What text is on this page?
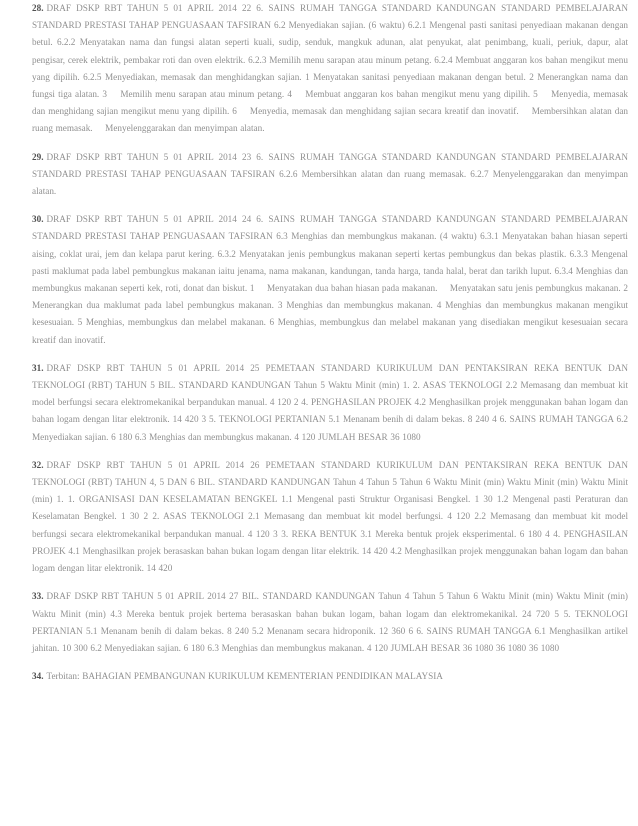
28. DRAF DSKP RBT TAHUN 5 01 APRIL 2014 22 6. SAINS RUMAH TANGGA STANDARD KANDUNGAN STANDARD PEMBELAJARAN STANDARD PRESTASI TAHAP PENGUASAAN TAFSIRAN 6.2 Menyediakan sajian. (6 waktu) 6.2.1 Mengenal pasti sanitasi penyediaan makanan dengan betul. 6.2.2 Menyatakan nama dan fungsi alatan seperti kuali, sudip, senduk, mangkuk adunan, alat penyukat, alat penimbang, kuali, periuk, dapur, alat pengisar, cerek elektrik, pembakar roti dan oven elektrik. 6.2.3 Memilih menu sarapan atau minum petang. 6.2.4 Membuat anggaran kos bahan mengikut menu yang dipilih. 6.2.5 Menyediakan, memasak dan menghidangkan sajian. 1 Menyatakan sanitasi penyediaan makanan dengan betul. 2 Menerangkan nama dan fungsi tiga alatan. 3 Memilih menu sarapan atau minum petang. 4 Membuat anggaran kos bahan mengikut menu yang dipilih. 5 Menyedia, memasak dan menghidang sajian mengikut menu yang dipilih. 6 Menyedia, memasak dan menghidang sajian secara kreatif dan inovatif. Membersihkan alatan dan ruang memasak. Menyelenggarakan dan menyimpan alatan.

29. DRAF DSKP RBT TAHUN 5 01 APRIL 2014 23 6. SAINS RUMAH TANGGA STANDARD KANDUNGAN STANDARD PEMBELAJARAN STANDARD PRESTASI TAHAP PENGUASAAN TAFSIRAN 6.2.6 Membersihkan alatan dan ruang memasak. 6.2.7 Menyelenggarakan dan menyimpan alatan.

30. DRAF DSKP RBT TAHUN 5 01 APRIL 2014 24 6. SAINS RUMAH TANGGA STANDARD KANDUNGAN STANDARD PEMBELAJARAN STANDARD PRESTASI TAHAP PENGUASAAN TAFSIRAN 6.3 Menghias dan membungkus makanan. (4 waktu) 6.3.1 Menyatakan bahan hiasan seperti aising, coklat urai, jem dan kelapa parut kering. 6.3.2 Menyatakan jenis pembungkus makanan seperti kertas pembungkus dan bekas plastik. 6.3.3 Mengenal pasti maklumat pada label pembungkus makanan iaitu jenama, nama makanan, kandungan, tanda harga, tanda halal, berat dan tarikh luput. 6.3.4 Menghias dan membungkus makanan seperti kek, roti, donat dan biskut. 1 Menyatakan dua bahan hiasan pada makanan. Menyatakan satu jenis pembungkus makanan. 2 Menerangkan dua maklumat pada label pembungkus makanan. 3 Menghias dan membungkus makanan. 4 Menghias dan membungkus makanan mengikut kesesuaian. 5 Menghias, membungkus dan melabel makanan. 6 Menghias, membungkus dan melabel makanan yang disediakan mengikut kesesuaian secara kreatif dan inovatif.

31. DRAF DSKP RBT TAHUN 5 01 APRIL 2014 25 PEMETAAN STANDARD KURIKULUM DAN PENTAKSIRAN REKA BENTUK DAN TEKNOLOGI (RBT) TAHUN 5 BIL. STANDARD KANDUNGAN Tahun 5 Waktu Minit (min) 1. 2. ASAS TEKNOLOGI 2.2 Memasang dan membuat kit model berfungsi secara elektromekanikal berpandukan manual. 4 120 2 4. PENGHASILAN PROJEK 4.2 Menghasilkan projek menggunakan bahan logam dan bahan logam dengan litar elektronik. 14 420 3 5. TEKNOLOGI PERTANIAN 5.1 Menanam benih di dalam bekas. 8 240 4 6. SAINS RUMAH TANGGA 6.2 Menyediakan sajian. 6 180 6.3 Menghias dan membungkus makanan. 4 120 JUMLAH BESAR 36 1080

32. DRAF DSKP RBT TAHUN 5 01 APRIL 2014 26 PEMETAAN STANDARD KURIKULUM DAN PENTAKSIRAN REKA BENTUK DAN TEKNOLOGI (RBT) TAHUN 4, 5 DAN 6 BIL. STANDARD KANDUNGAN Tahun 4 Tahun 5 Tahun 6 Waktu Minit (min) Waktu Minit (min) Waktu Minit (min) 1. 1. ORGANISASI DAN KESELAMATAN BENGKEL 1.1 Mengenal pasti Struktur Organisasi Bengkel. 1 30 1.2 Mengenal pasti Peraturan dan Keselamatan Bengkel. 1 30 2 2. ASAS TEKNOLOGI 2.1 Memasang dan membuat kit model berfungsi. 4 120 2.2 Memasang dan membuat kit model berfungsi secara elektromekanikal berpandukan manual. 4 120 3 3. REKA BENTUK 3.1 Mereka bentuk projek eksperimental. 6 180 4 4. PENGHASILAN PROJEK 4.1 Menghasilkan projek berasaskan bahan bukan logam dengan litar elektrik. 14 420 4.2 Menghasilkan projek menggunakan bahan logam dan bahan logam dengan litar elektronik. 14 420

33. DRAF DSKP RBT TAHUN 5 01 APRIL 2014 27 BIL. STANDARD KANDUNGAN Tahun 4 Tahun 5 Tahun 6 Waktu Minit (min) Waktu Minit (min) Waktu Minit (min) 4.3 Mereka bentuk projek bertema berasaskan bahan bukan logam, bahan logam dan elektromekanikal. 24 720 5 5. TEKNOLOGI PERTANIAN 5.1 Menanam benih di dalam bekas. 8 240 5.2 Menanam secara hidroponik. 12 360 6 6. SAINS RUMAH TANGGA 6.1 Menghasilkan artikel jahitan. 10 300 6.2 Menyediakan sajian. 6 180 6.3 Menghias dan membungkus makanan. 4 120 JUMLAH BESAR 36 1080 36 1080 36 1080

34. Terbitan: BAHAGIAN PEMBANGUNAN KURIKULUM KEMENTERIAN PENDIDIKAN MALAYSIA
